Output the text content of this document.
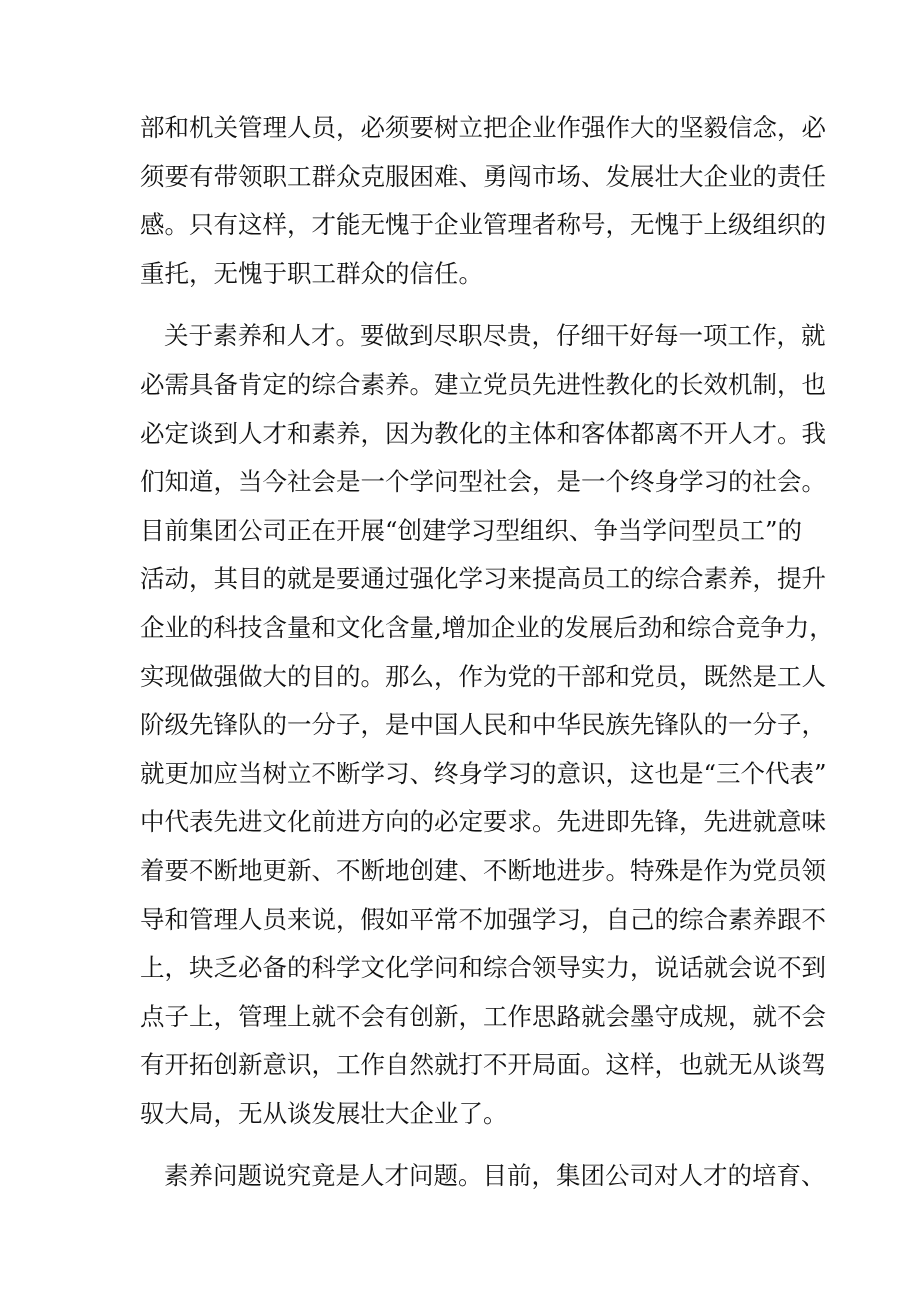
部和机关管理人员，必须要树立把企业作强作大的坚毅信念，必
须要有带领职工群众克服困难、勇闯市场、发展壮大企业的责任
感。只有这样，才能无愧于企业管理者称号，无愧于上级组织的
重托，无愧于职工群众的信任。
关于素养和人才。要做到尽职尽贵，仔细干好每一项工作，就
必需具备肯定的综合素养。建立党员先进性教化的长效机制，也
必定谈到人才和素养，因为教化的主体和客体都离不开人才。我
们知道，当今社会是一个学问型社会，是一个终身学习的社会。
目前集团公司正在开展“创建学习型组织、争当学问型员工”的
活动，其目的就是要通过强化学习来提高员工的综合素养，提升
企业的科技含量和文化含量,增加企业的发展后劲和综合竞争力，
实现做强做大的目的。那么，作为党的干部和党员，既然是工人
阶级先锋队的一分子，是中国人民和中华民族先锋队的一分子，
就更加应当树立不断学习、终身学习的意识，这也是“三个代表”
中代表先进文化前进方向的必定要求。先进即先锋，先进就意味
着要不断地更新、不断地创建、不断地进步。特殊是作为党员领
导和管理人员来说，假如平常不加强学习，自己的综合素养跟不
上，块乏必备的科学文化学问和综合领导实力，说话就会说不到
点子上，管理上就不会有创新，工作思路就会墨守成规，就不会
有开拓创新意识，工作自然就打不开局面。这样，也就无从谈驾
驭大局，无从谈发展壮大企业了。
素养问题说究竟是人才问题。目前，集团公司对人才的培育、
